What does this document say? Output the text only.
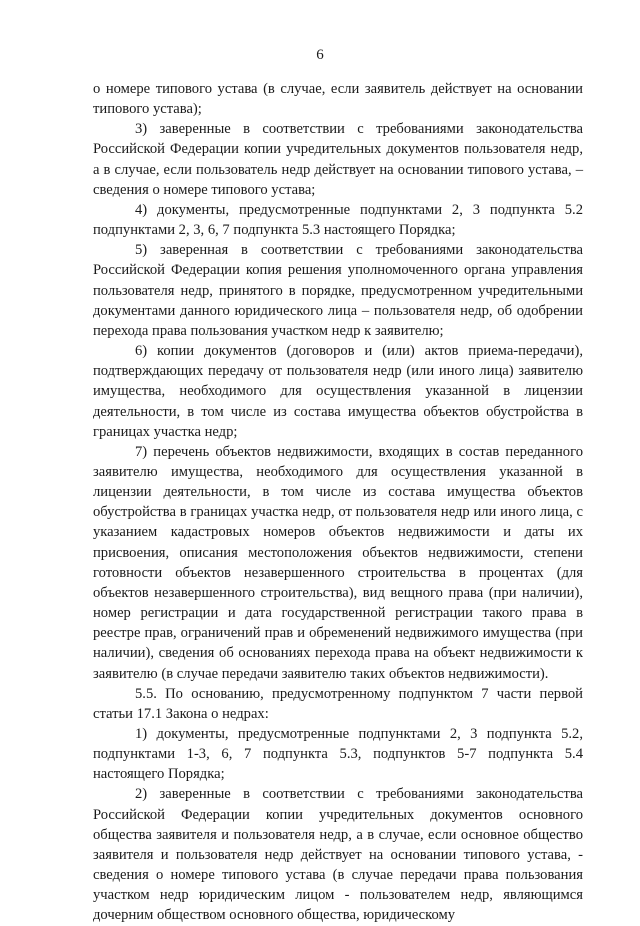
6

о номере типового устава (в случае, если заявитель действует на основании типового устава);

3) заверенные в соответствии с требованиями законодательства Российской Федерации копии учредительных документов пользователя недр, а в случае, если пользователь недр действует на основании типового устава, – сведения о номере типового устава;

4) документы, предусмотренные подпунктами 2, 3 подпункта 5.2 подпунктами 2, 3, 6, 7 подпункта 5.3 настоящего Порядка;

5) заверенная в соответствии с требованиями законодательства Российской Федерации копия решения уполномоченного органа управления пользователя недр, принятого в порядке, предусмотренном учредительными документами данного юридического лица – пользователя недр, об одобрении перехода права пользования участком недр к заявителю;

6) копии документов (договоров и (или) актов приема-передачи), подтверждающих передачу от пользователя недр (или иного лица) заявителю имущества, необходимого для осуществления указанной в лицензии деятельности, в том числе из состава имущества объектов обустройства в границах участка недр;

7) перечень объектов недвижимости, входящих в состав переданного заявителю имущества, необходимого для осуществления указанной в лицензии деятельности, в том числе из состава имущества объектов обустройства в границах участка недр, от пользователя недр или иного лица, с указанием кадастровых номеров объектов недвижимости и даты их присвоения, описания местоположения объектов недвижимости, степени готовности объектов незавершенного строительства в процентах (для объектов незавершенного строительства), вид вещного права (при наличии), номер регистрации и дата государственной регистрации такого права в реестре прав, ограничений прав и обременений недвижимого имущества (при наличии), сведения об основаниях перехода права на объект недвижимости к заявителю (в случае передачи заявителю таких объектов недвижимости).

5.5. По основанию, предусмотренному подпунктом 7 части первой статьи 17.1 Закона о недрах:

1) документы, предусмотренные подпунктами 2, 3 подпункта 5.2, подпунктами 1-3, 6, 7 подпункта 5.3, подпунктов 5-7 подпункта 5.4 настоящего Порядка;

2) заверенные в соответствии с требованиями законодательства Российской Федерации копии учредительных документов основного общества заявителя и пользователя недр, а в случае, если основное общество заявителя и пользователя недр действует на основании типового устава, - сведения о номере типового устава (в случае передачи права пользования участком недр юридическим лицом - пользователем недр, являющимся дочерним обществом основного общества, юридическому
